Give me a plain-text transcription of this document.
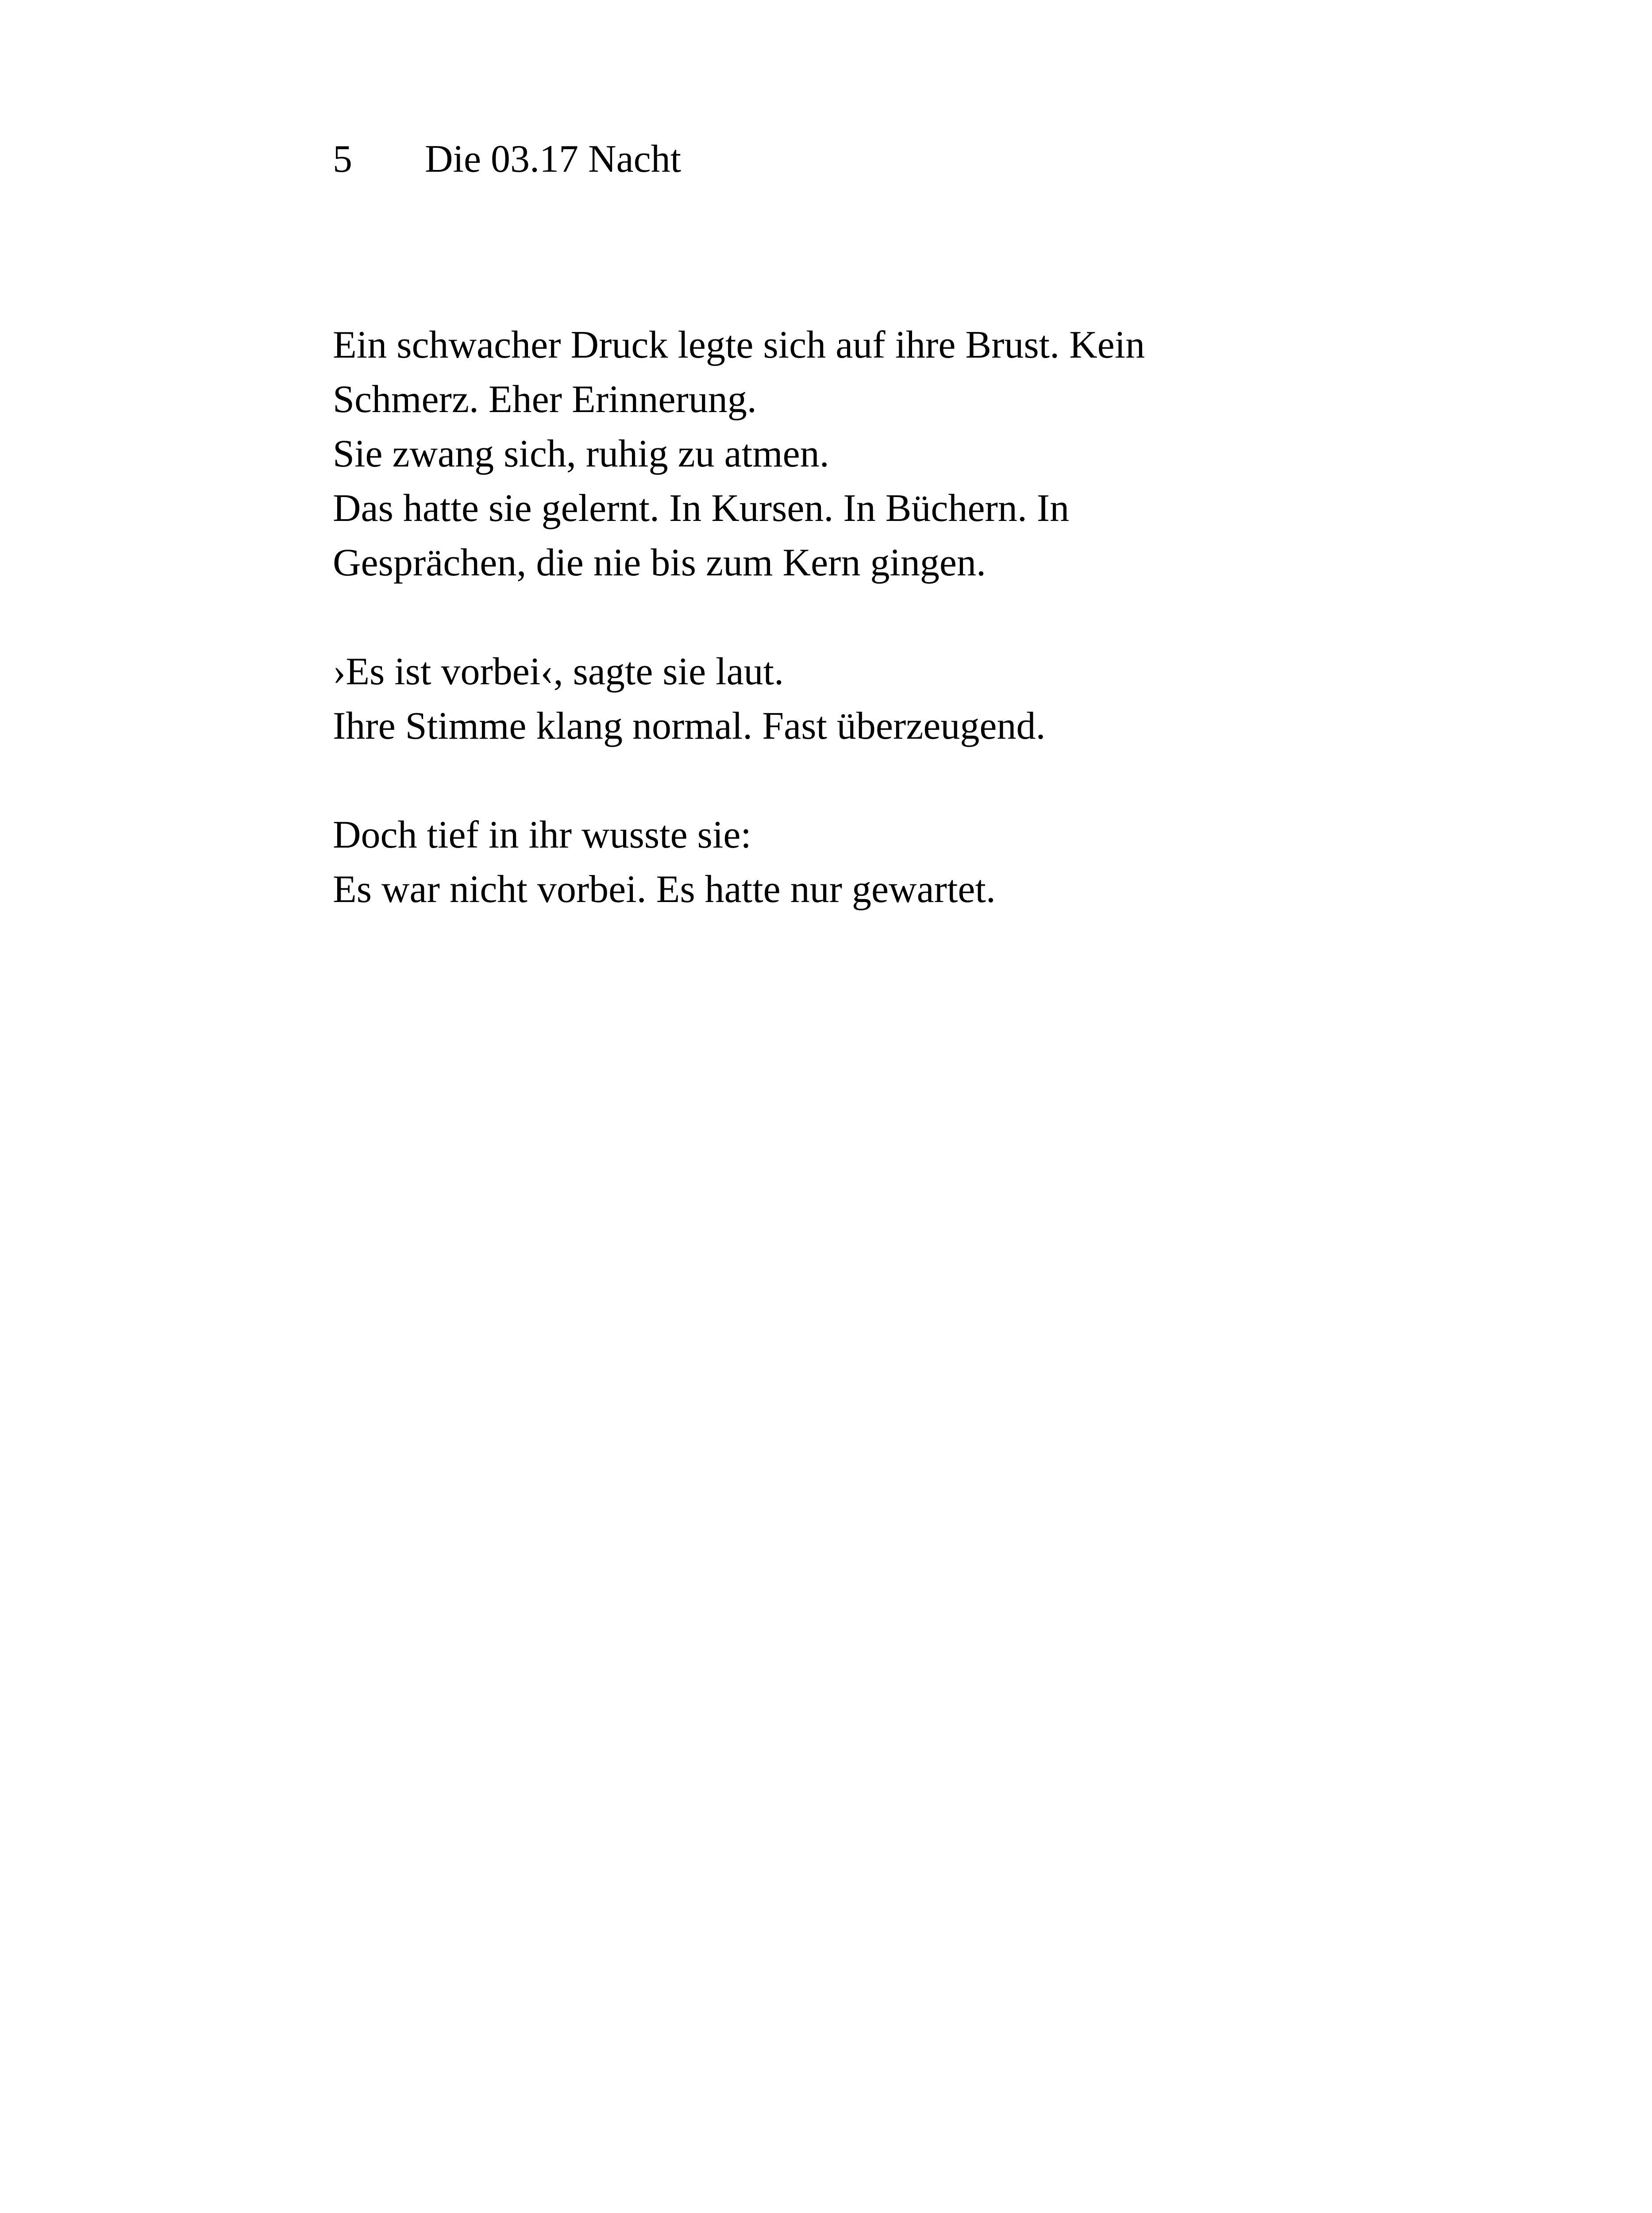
5 Die 03.17 Nacht
Ein schwacher Druck legte sich auf ihre Brust. Kein
Schmerz. Eher Erinnerung.
Sie zwang sich, ruhig zu atmen.
Das hatte sie gelernt. In Kursen. In Büchern. In
Gesprächen, die nie bis zum Kern gingen.
›Es ist vorbei‹, sagte sie laut.
Ihre Stimme klang normal. Fast überzeugend.
Doch tief in ihr wusste sie:
Es war nicht vorbei. Es hatte nur gewartet.
